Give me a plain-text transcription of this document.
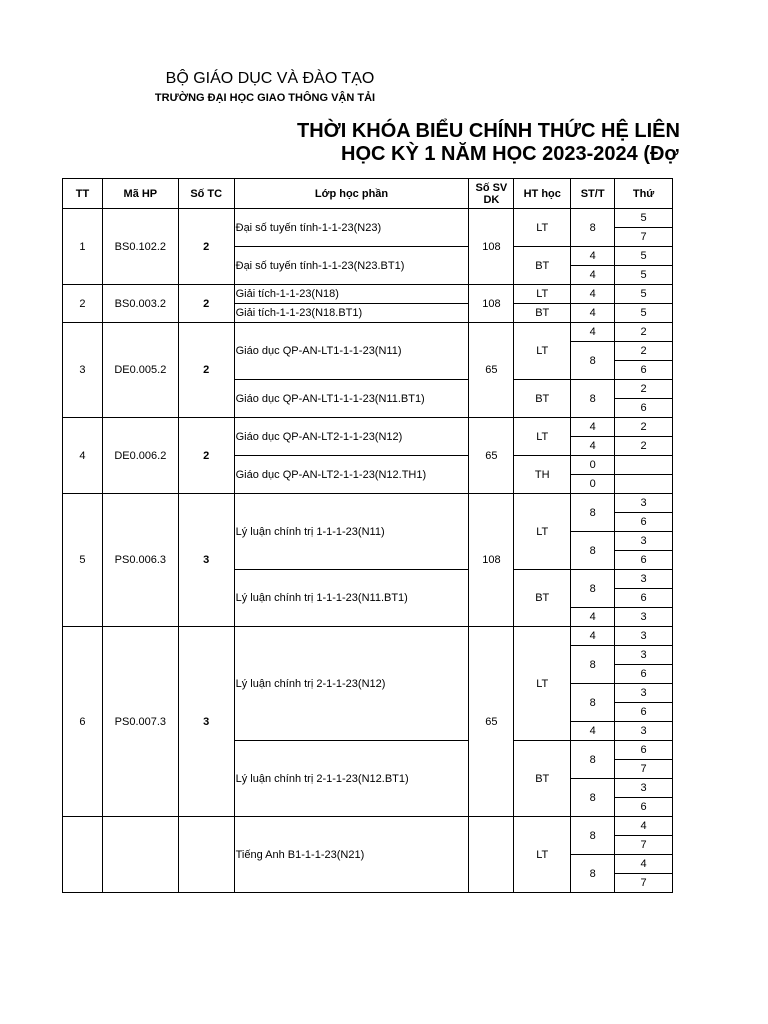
BỘ GIÁO DỤC VÀ ĐÀO TẠO
TRƯỜNG ĐẠI HỌC GIAO THÔNG VẬN TẢI
THỜI KHÓA BIỂU CHÍNH THỨC HỆ LIÊN
HỌC KỲ 1 NĂM HỌC 2023-2024 (Đợ
TT	Mã HP	Số TC	Lớp học phần	Số SV DK	HT học	ST/T	Thứ
1	BS0.102.2	2	Đại số tuyến tính-1-1-23(N23)	108	LT	8	5
							7
			Đại số tuyến tính-1-1-23(N23.BT1)		BT	4	5
						4	5
2	BS0.003.2	2	Giải tích-1-1-23(N18)	108	LT	4	5
			Giải tích-1-1-23(N18.BT1)		BT	4	5
3	DE0.005.2	2	Giáo dục QP-AN-LT1-1-1-23(N11)	65	LT	4	2
						8	2
							6
			Giáo dục QP-AN-LT1-1-1-23(N11.BT1)		BT	8	2
							6
4	DE0.006.2	2	Giáo dục QP-AN-LT2-1-1-23(N12)	65	LT	4	2
						4	2
			Giáo dục QP-AN-LT2-1-1-23(N12.TH1)		TH	0	
						0	
5	PS0.006.3	3	Lý luận chính trị 1-1-1-23(N11)	108	LT	8	3
							6
						8	3
							6
			Lý luận chính trị 1-1-1-23(N11.BT1)		BT	8	3
							6
						4	3
6	PS0.007.3	3	Lý luận chính trị 2-1-1-23(N12)	65	LT	4	3
						8	3
							6
						8	3
							6
						4	3
			Lý luận chính trị 2-1-1-23(N12.BT1)		BT	8	6
							7
						8	3
							6
			Tiếng Anh B1-1-1-23(N21)		LT	8	4
							7
						8	4
							7
